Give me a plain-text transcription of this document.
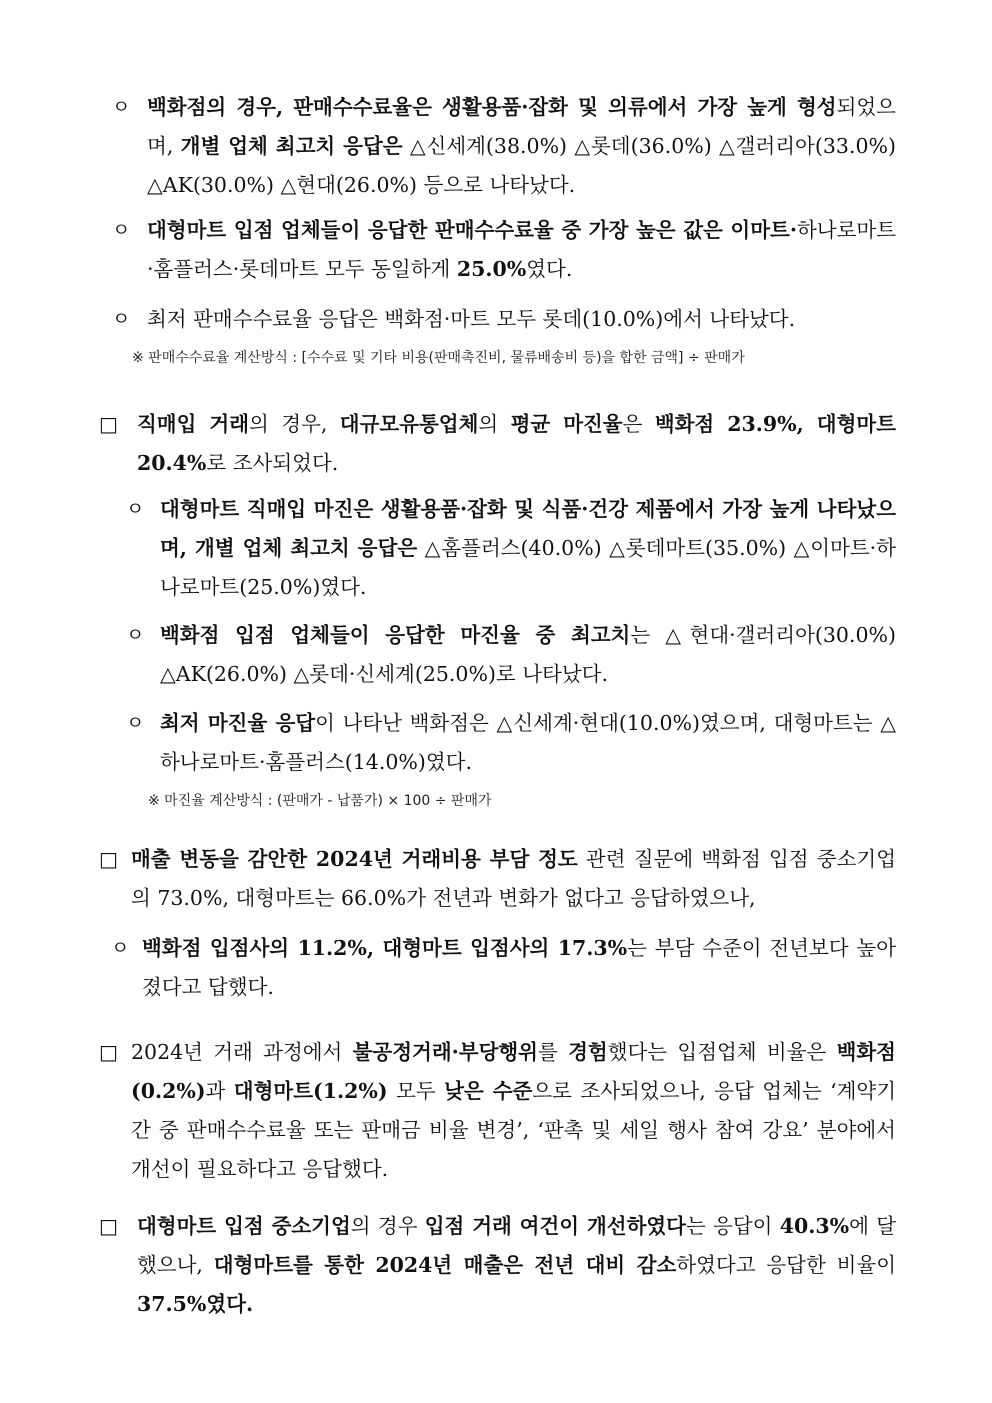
ㅇ 백화점의 경우, 판매수수료율은 생활용품·잡화 및 의류에서 가장 높게 형성되었으며, 개별 업체 최고치 응답은 △신세계(38.0%) △롯데(36.0%) △갤러리아(33.0%) △AK(30.0%) △현대(26.0%) 등으로 나타났다.
ㅇ 대형마트 입점 업체들이 응답한 판매수수료율 중 가장 높은 값은 이마트·하나로마트·홈플러스·롯데마트 모두 동일하게 25.0%였다.
ㅇ 최저 판매수수료율 응답은 백화점·마트 모두 롯데(10.0%)에서 나타났다.
※ 판매수수료율 계산방식 : [수수료 및 기타 비용(판매촉진비, 물류배송비 등)을 합한 금액] ÷ 판매가
□ 직매입 거래의 경우, 대규모유통업체의 평균 마진율은 백화점 23.9%, 대형마트 20.4%로 조사되었다.
ㅇ 대형마트 직매입 마진은 생활용품·잡화 및 식품·건강 제품에서 가장 높게 나타났으며, 개별 업체 최고치 응답은 △홈플러스(40.0%) △롯데마트(35.0%) △이마트·하나로마트(25.0%)였다.
ㅇ 백화점 입점 업체들이 응답한 마진율 중 최고치는 △현대·갤러리아(30.0%) △AK(26.0%) △롯데·신세계(25.0%)로 나타났다.
ㅇ 최저 마진율 응답이 나타난 백화점은 △신세계·현대(10.0%)였으며, 대형마트는 △하나로마트·홈플러스(14.0%)였다.
※ 마진율 계산방식 : (판매가 - 납품가) × 100 ÷ 판매가
□ 매출 변동을 감안한 2024년 거래비용 부담 정도 관련 질문에 백화점 입점 중소기업의 73.0%, 대형마트는 66.0%가 전년과 변화가 없다고 응답하였으나,
ㅇ 백화점 입점사의 11.2%, 대형마트 입점사의 17.3%는 부담 수준이 전년보다 높아졌다고 답했다.
□ 2024년 거래 과정에서 불공정거래·부당행위를 경험했다는 입점업체 비율은 백화점(0.2%)과 대형마트(1.2%) 모두 낮은 수준으로 조사되었으나, 응답 업체는 ‘계약기간 중 판매수수료율 또는 판매금 비율 변경’, ‘판촉 및 세일 행사 참여 강요’ 분야에서 개선이 필요하다고 응답했다.
□ 대형마트 입점 중소기업의 경우 입점 거래 여건이 개선하였다는 응답이 40.3%에 달했으나, 대형마트를 통한 2024년 매출은 전년 대비 감소하였다고 응답한 비율이 37.5%였다.
